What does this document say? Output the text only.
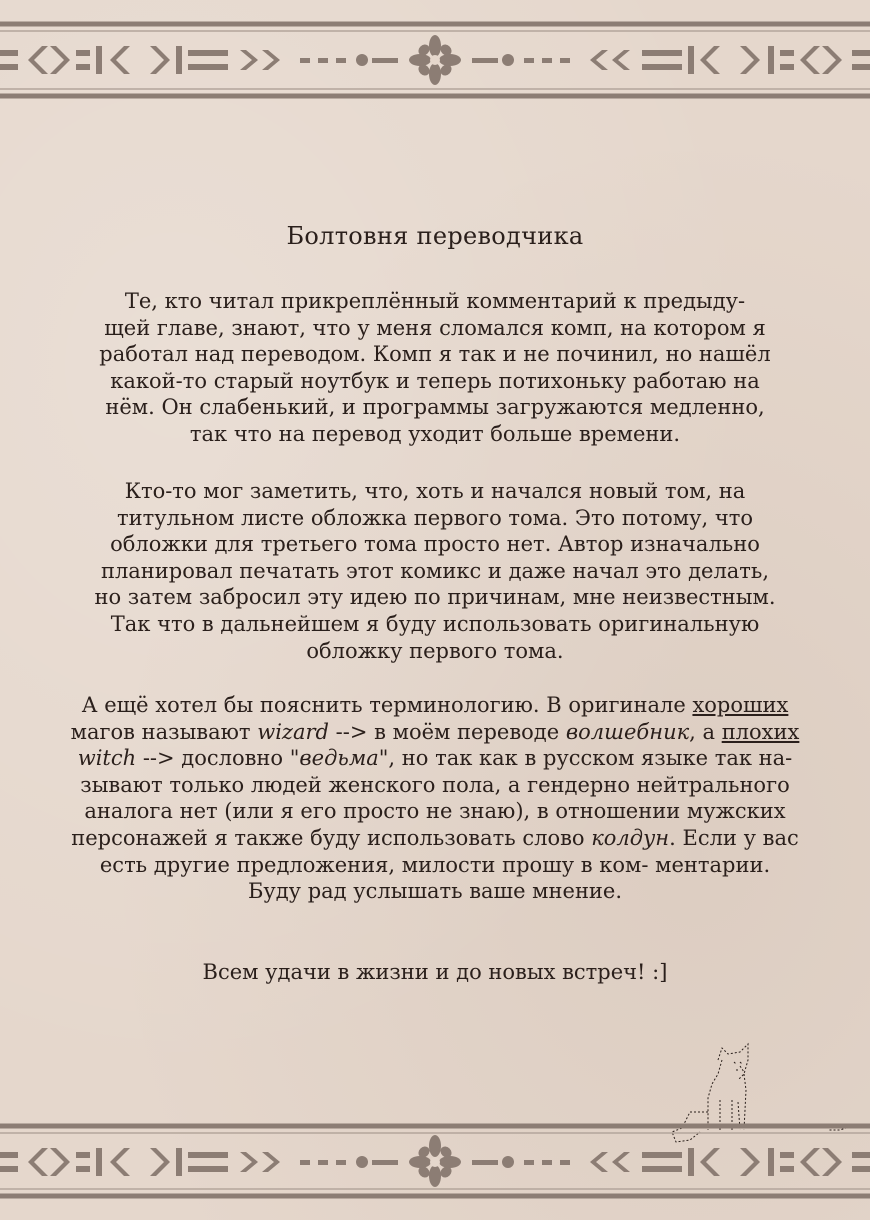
Болтовня переводчика
Те, кто читал прикреплённый комментарий к предыду-
щей главе, знают, что у меня сломался комп, на котором я
работал над переводом. Комп я так и не починил, но нашёл
какой-то старый ноутбук и теперь потихоньку работаю на
нём. Он слабенький, и программы загружаются медленно,
так что на перевод уходит больше времени.
Кто-то мог заметить, что, хоть и начался новый том, на
титульном листе обложка первого тома. Это потому, что
обложки для третьего тома просто нет. Автор изначально
планировал печатать этот комикс и даже начал это делать,
но затем забросил эту идею по причинам, мне неизвестным.
Так что в дальнейшем я буду использовать оригинальную
обложку первого тома.
А ещё хотел бы пояснить терминологию. В оригинале хороших
магов называют wizard --> в моём переводе волшебник, а плохих
witch --> дословно "ведьма", но так как в русском языке так на-
зывают только людей женского пола, а гендерно нейтрального
аналога нет (или я его просто не знаю), в отношении мужских
персонажей я также буду использовать слово колдун. Если у вас
есть другие предложения, милости прошу в ком- ментарии.
Буду рад услышать ваше мнение.
Всем удачи в жизни и до новых встреч! :]
